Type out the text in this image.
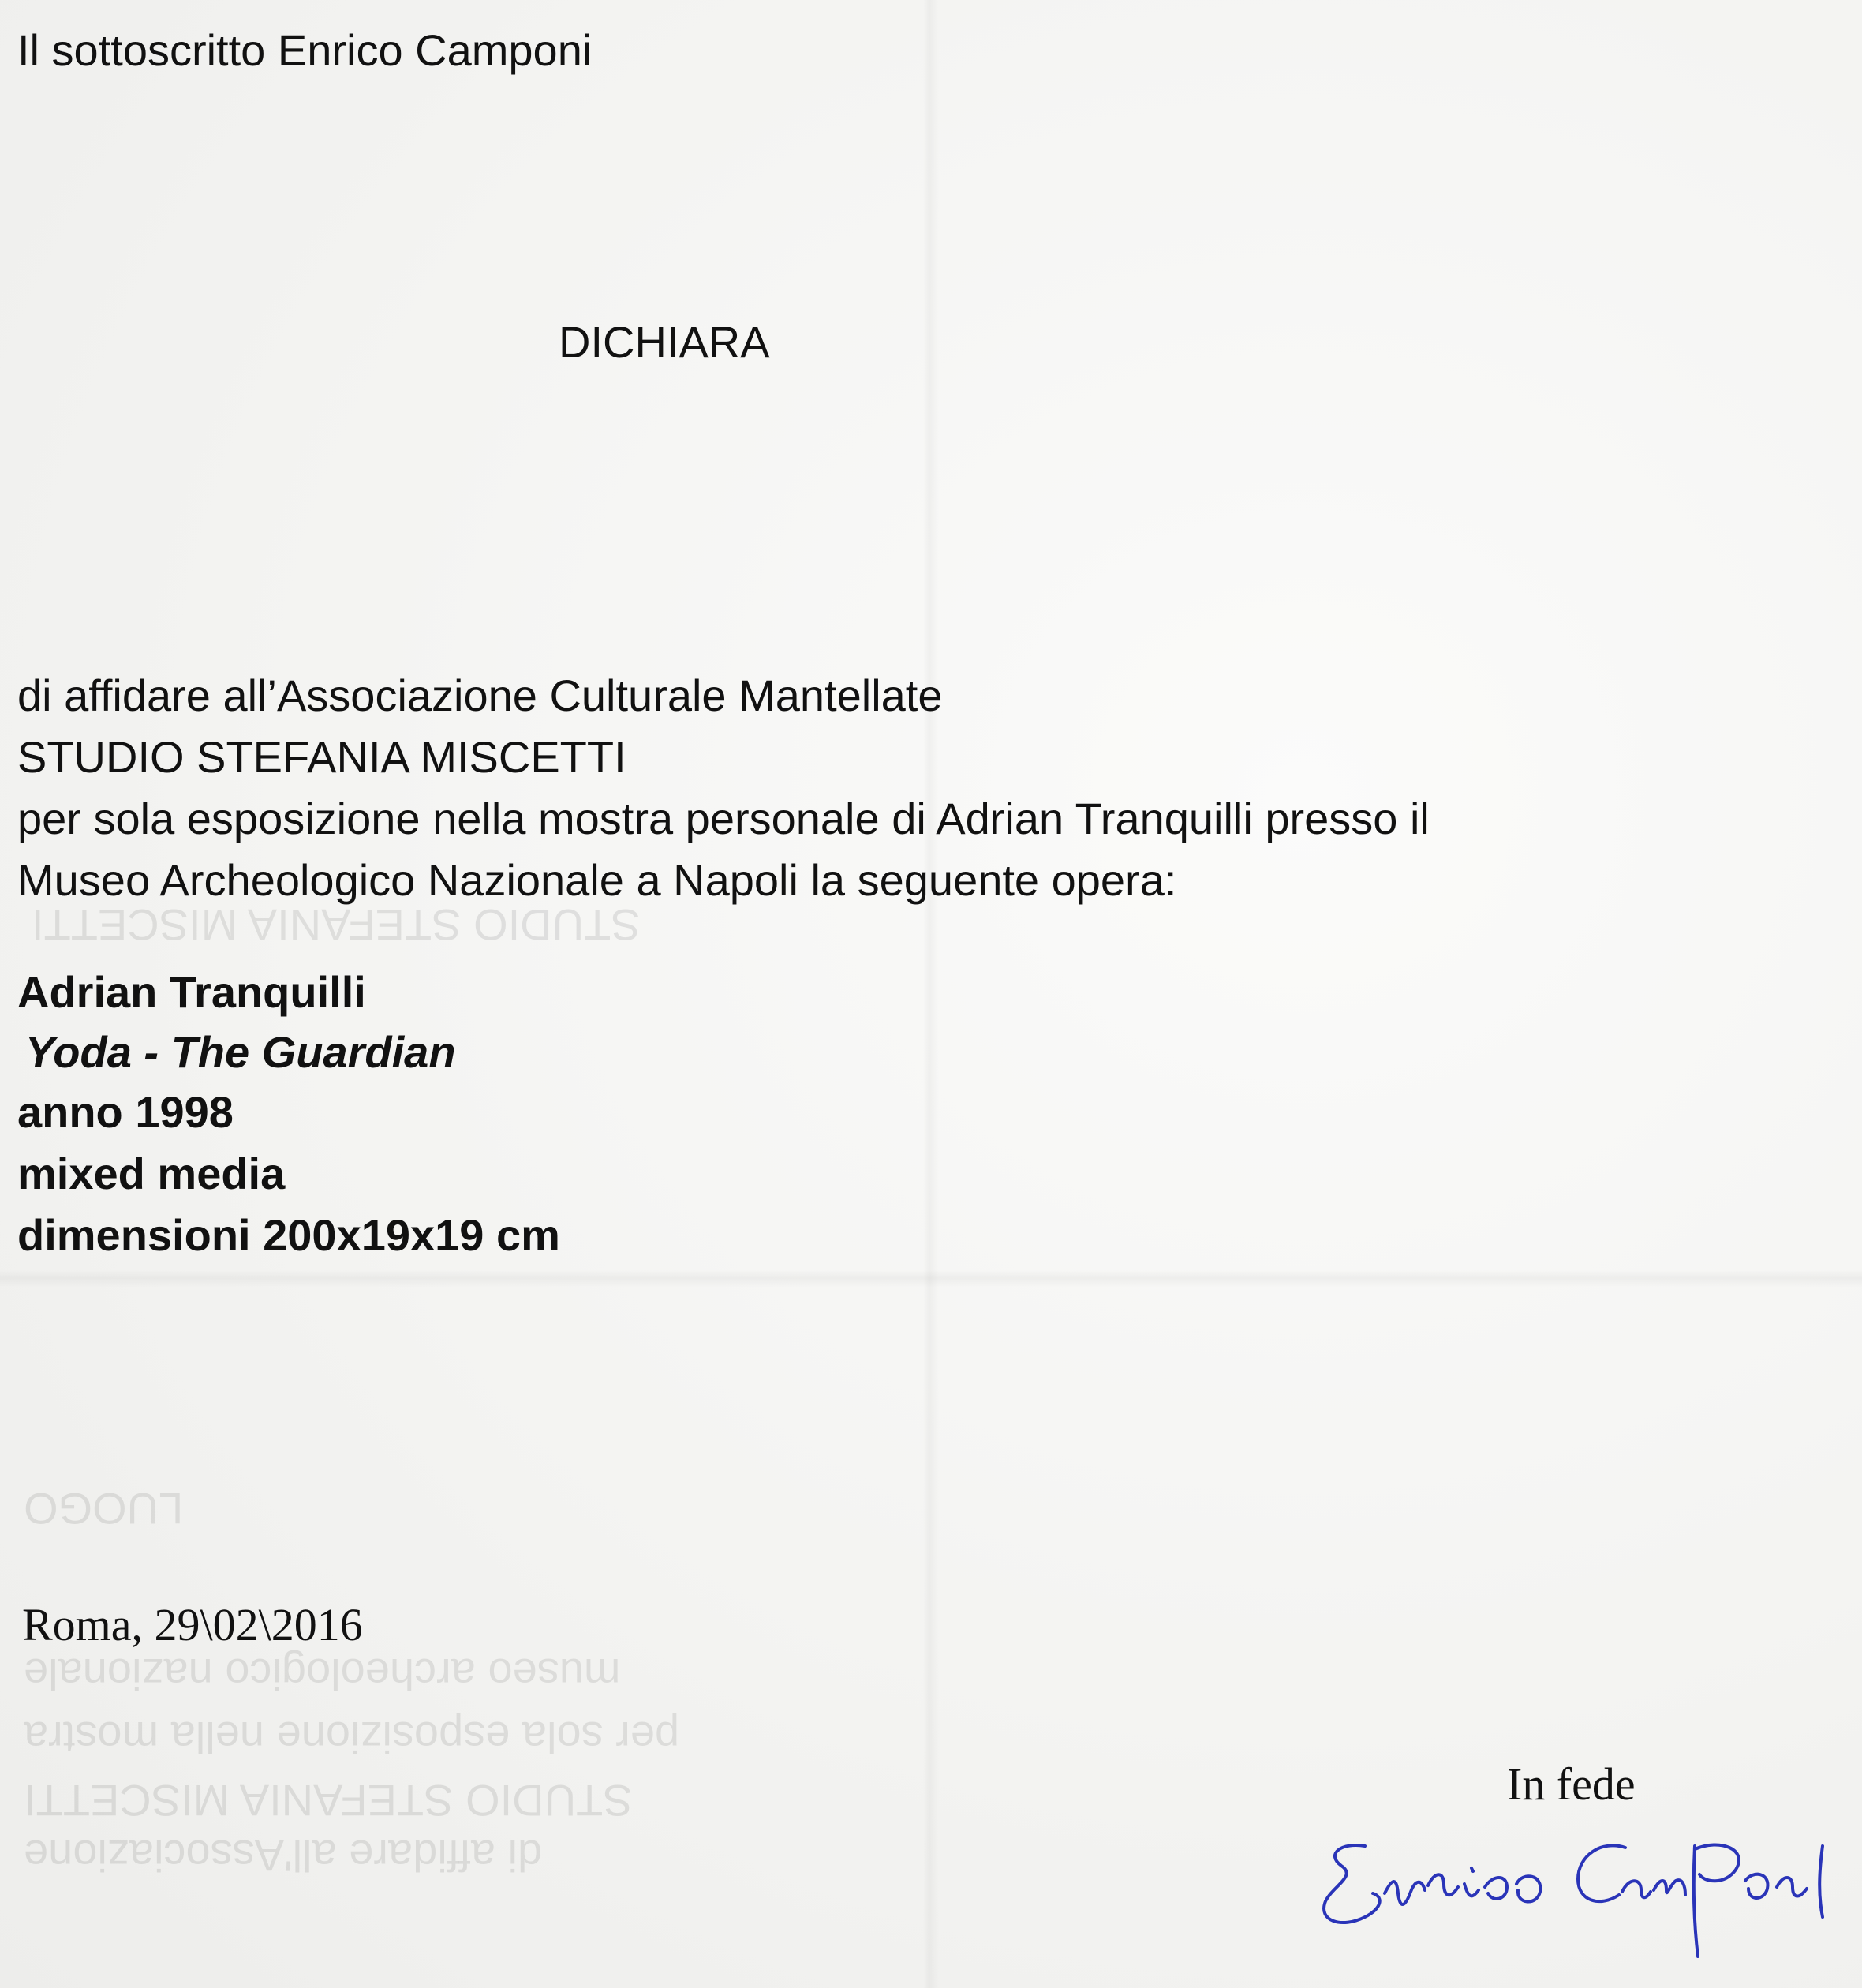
STUDIO STEFANIA MISCETTI
LUOGO
museo archeologico nazionale
per sola esposizione nella mostra
STUDIO STEFANIA MISCETTI
di affidare all'Associazione

Il sottoscritto Enrico Camponi

DICHIARA

di affidare all’Associazione Culturale Mantellate

STUDIO STEFANIA MISCETTI

per sola esposizione nella mostra personale di Adrian Tranquilli presso il

Museo Archeologico Nazionale a Napoli la seguente opera:

Adrian Tranquilli

Yoda - The Guardian

anno 1998

mixed media

dimensioni 200x19x19 cm

Roma, 29\02\2016

In fede
